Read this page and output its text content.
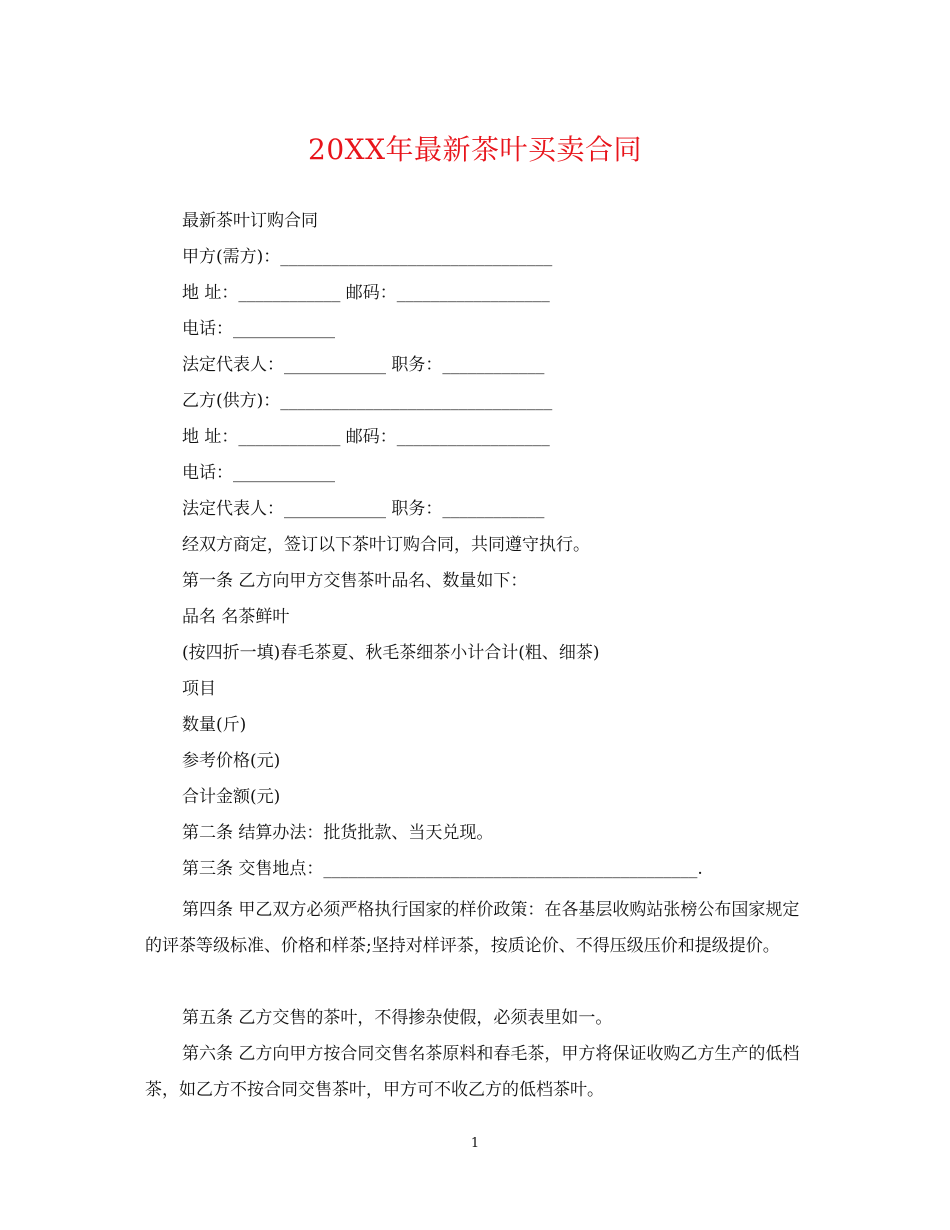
20XX年最新茶叶买卖合同
最新茶叶订购合同
甲方(需方)：________________________________
地 址：____________ 邮码：__________________
电话：____________
法定代表人：____________ 职务：____________
乙方(供方)：________________________________
地 址：____________ 邮码：__________________
电话：____________
法定代表人：____________ 职务：____________
经双方商定，签订以下茶叶订购合同，共同遵守执行。
第一条 乙方向甲方交售茶叶品名、数量如下：
品名 名茶鲜叶
(按四折一填)春毛茶夏、秋毛茶细茶小计合计(粗、细茶)
项目
数量(斤)
参考价格(元)
合计金额(元)
第二条 结算办法：批货批款、当天兑现。
第三条 交售地点：____________________________________________.
第四条 甲乙双方必须严格执行国家的样价政策：在各基层收购站张榜公布国家规定的评茶等级标准、价格和样茶;坚持对样评茶，按质论价、不得压级压价和提级提价。
第五条 乙方交售的茶叶，不得掺杂使假，必须表里如一。
第六条 乙方向甲方按合同交售名茶原料和春毛茶，甲方将保证收购乙方生产的低档茶，如乙方不按合同交售茶叶，甲方可不收乙方的低档茶叶。
1
